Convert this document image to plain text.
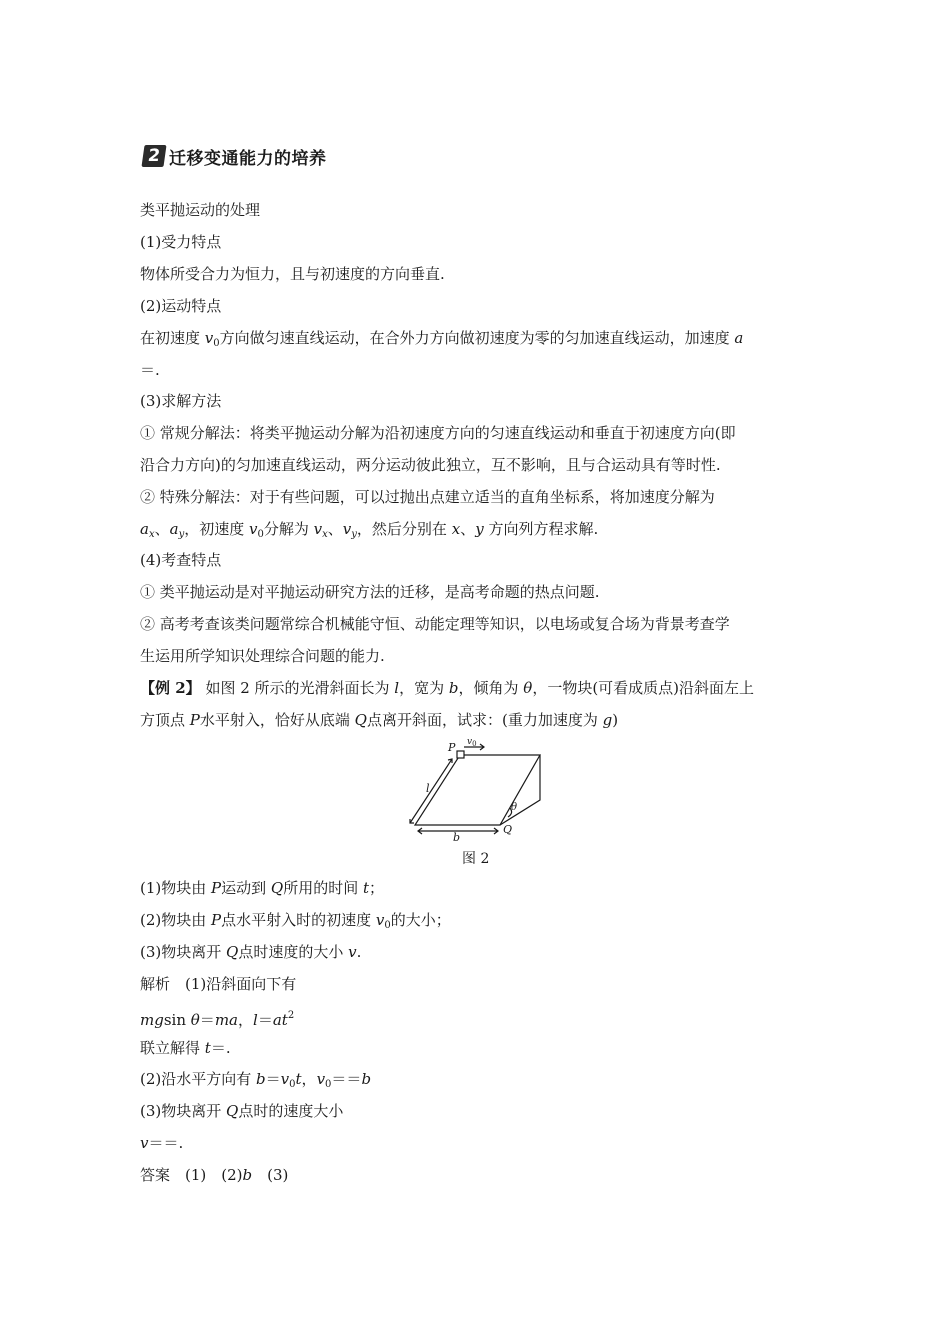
2 迁移变通能力的培养
类平抛运动的处理
(1)受力特点
物体所受合力为恒力，且与初速度的方向垂直.
(2)运动特点
在初速度 $v_0$方向做匀速直线运动，在合外力方向做初速度为零的匀加速直线运动，加速度 a
＝.
(3)求解方法
① 常规分解法：将类平抛运动分解为沿初速度方向的匀速直线运动和垂直于初速度方向(即
沿合力方向)的匀加速直线运动，两分运动彼此独立，互不影响，且与合运动具有等时性.
② 特殊分解法：对于有些问题，可以过抛出点建立适当的直角坐标系，将加速度分解为
$a_x$、$a_y$，初速度 $v_0$分解为 $v_x$、$v_y$，然后分别在 x、y 方向列方程求解.
(4)考查特点
① 类平抛运动是对平抛运动研究方法的迁移，是高考命题的热点问题.
② 高考考查该类问题常综合机械能守恒、动能定理等知识，以电场或复合场为背景考查学
生运用所学知识处理综合问题的能力.
【例 2】 如图 2 所示的光滑斜面长为 l，宽为 b，倾角为 θ，一物块(可看成质点)沿斜面左上
方顶点 P水平射入，恰好从底端 Q点离开斜面，试求：(重力加速度为 g)
P $v_0$
l
θ
b
Q
图 2
(1)物块由 P运动到 Q所用的时间 t；
(2)物块由 P点水平射入时的初速度 $v_0$的大小；
(3)物块离开 Q点时速度的大小 v.
解析　(1)沿斜面向下有
mgsin θ＝ma，$l=at^2$
联立解得 t＝.
(2)沿水平方向有 $b=v_0t$，$v_0==b$
(3)物块离开 Q点时的速度大小
v＝＝.
答案　(1)　(2)b　(3)
